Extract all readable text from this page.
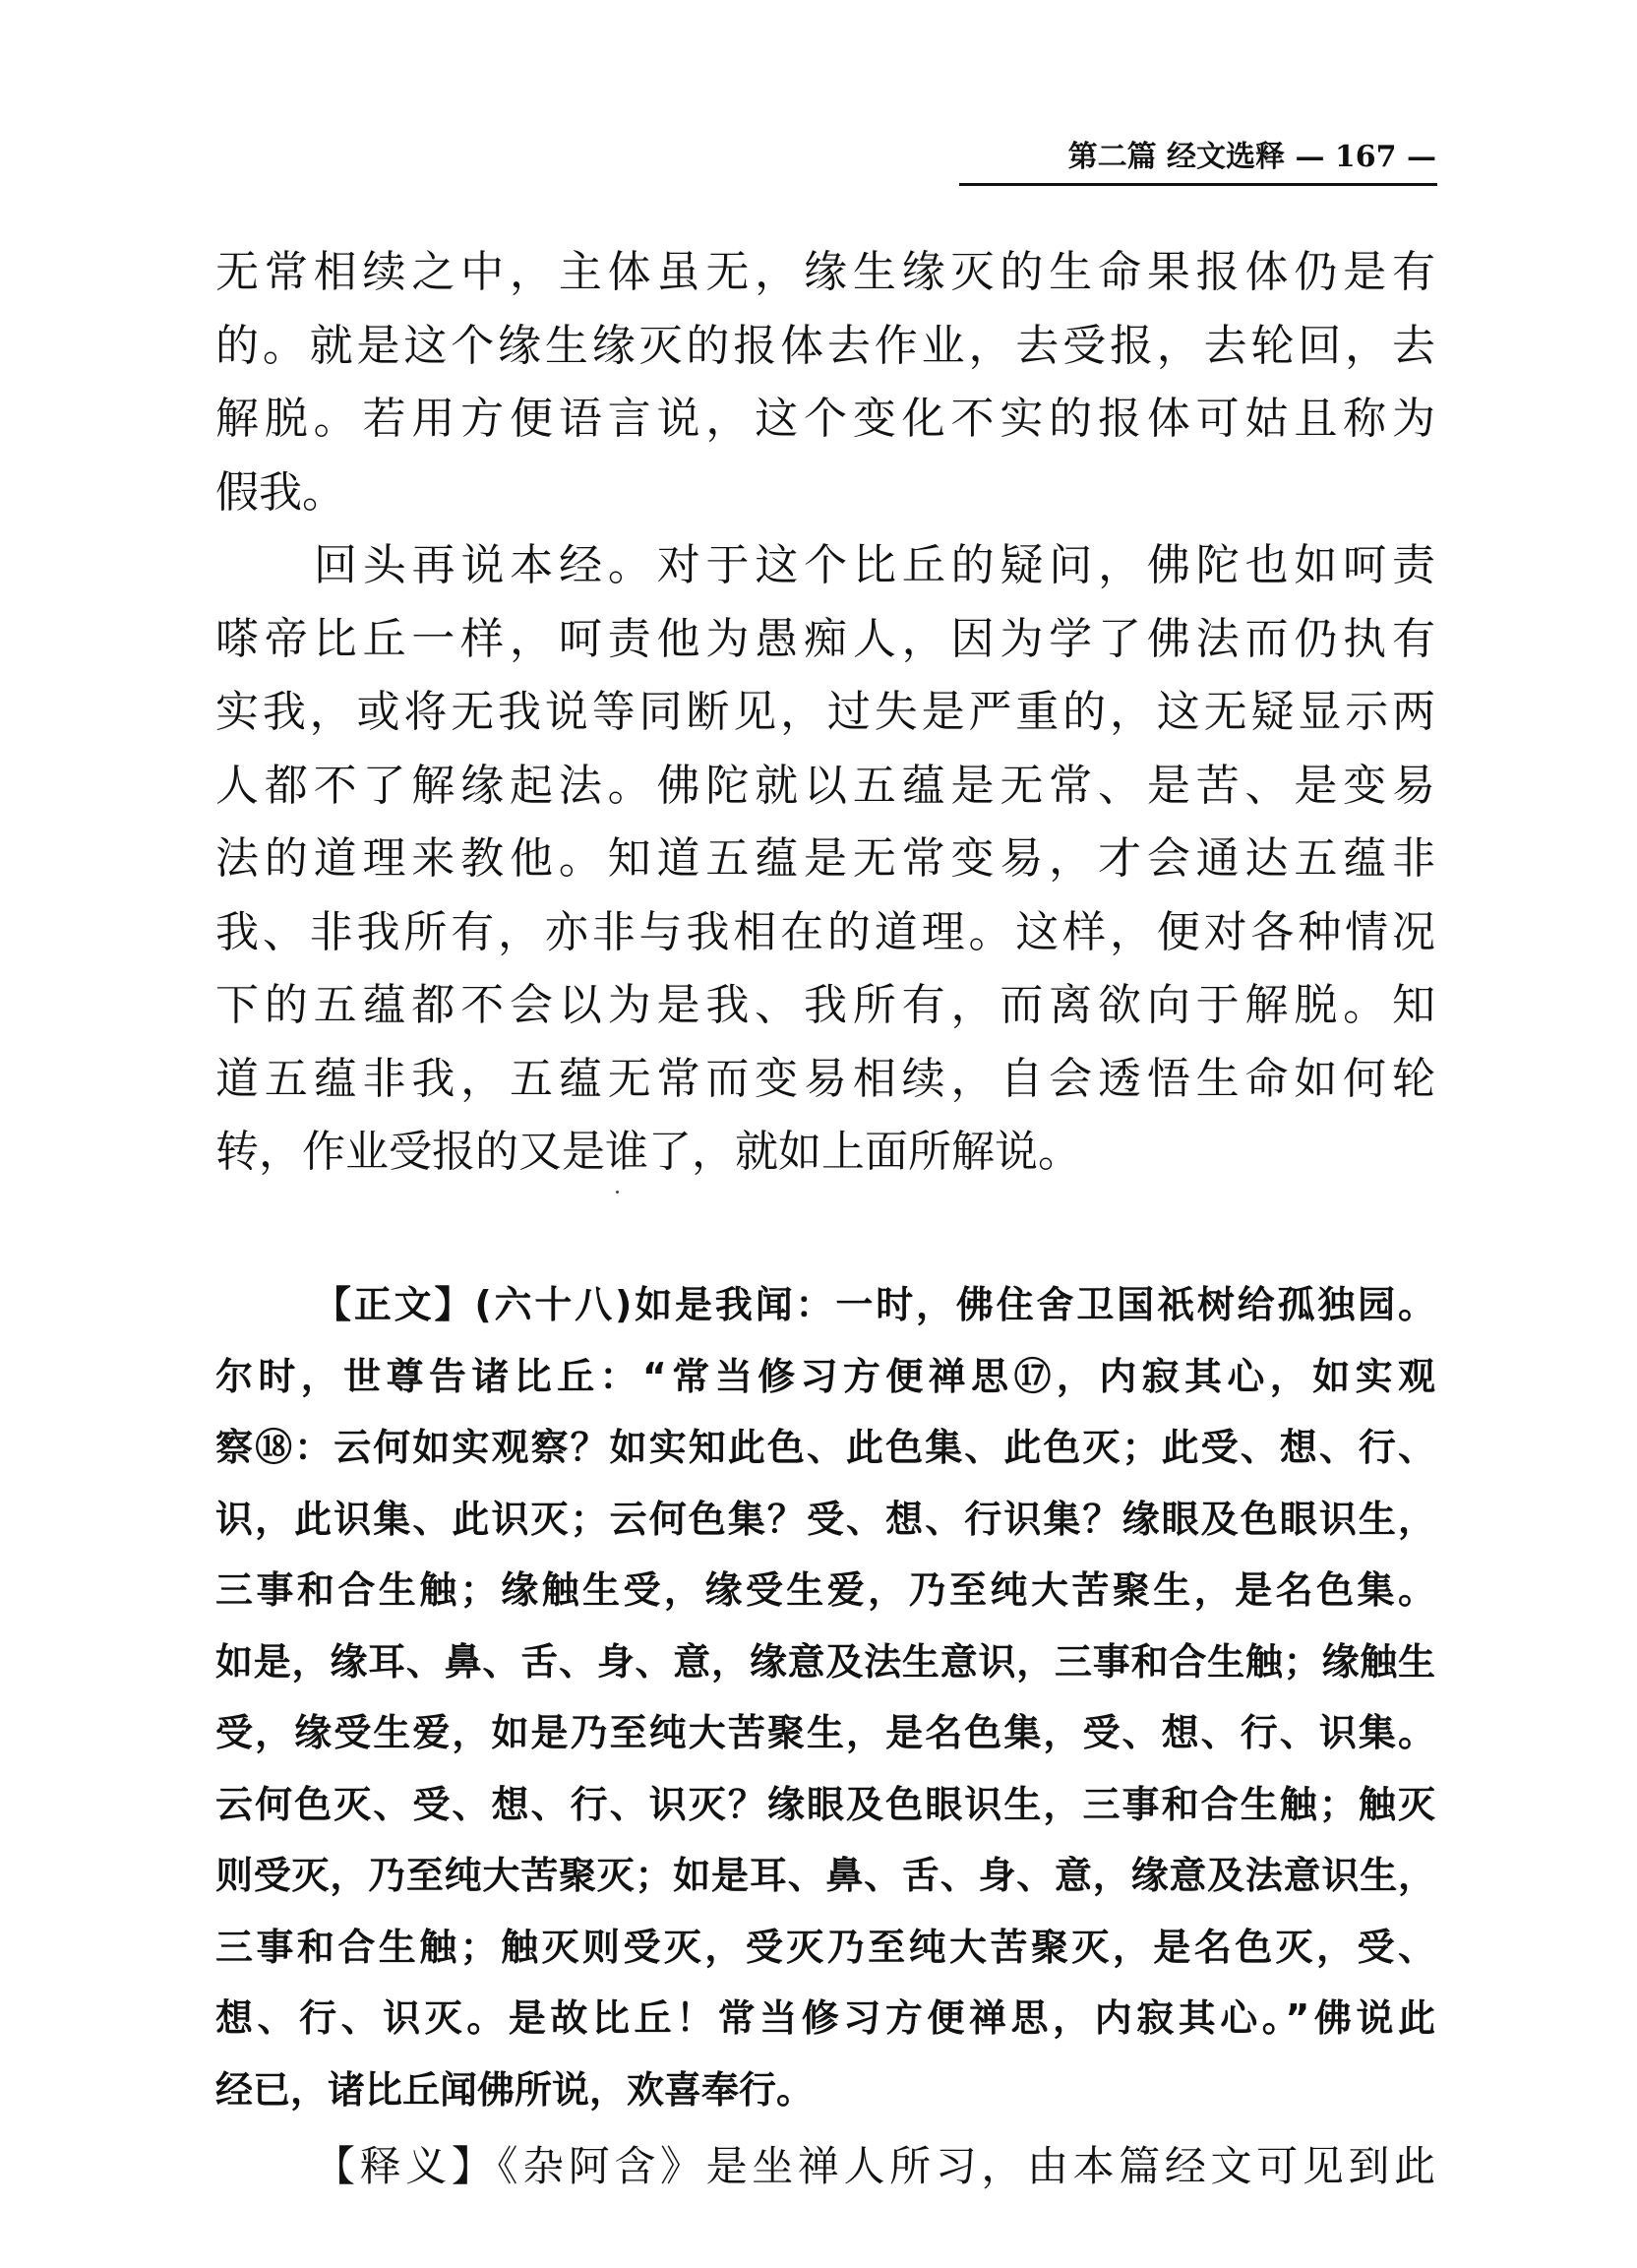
第二篇 经文选释 — 167 —
无常相续之中，主体虽无，缘生缘灭的生命果报体仍是有
的。就是这个缘生缘灭的报体去作业，去受报，去轮回，去
解脱。若用方便语言说，这个变化不实的报体可姑且称为
假我。
回头再说本经。对于这个比丘的疑问，佛陀也如呵责
嗏帝比丘一样，呵责他为愚痴人，因为学了佛法而仍执有
实我，或将无我说等同断见，过失是严重的，这无疑显示两
人都不了解缘起法。佛陀就以五蕴是无常、是苦、是变易
法的道理来教他。知道五蕴是无常变易，才会通达五蕴非
我、非我所有，亦非与我相在的道理。这样，便对各种情况
下的五蕴都不会以为是我、我所有，而离欲向于解脱。知
道五蕴非我，五蕴无常而变易相续，自会透悟生命如何轮
转，作业受报的又是谁了，就如上面所解说。
【正文】(六十八)如是我闻：一时，佛住舍卫国祇树给孤独园。
尔时，世尊告诸比丘：“常当修习方便禅思⑰，内寂其心，如实观
察⑱：云何如实观察？如实知此色、此色集、此色灭；此受、想、行、
识，此识集、此识灭；云何色集？受、想、行识集？缘眼及色眼识生，
三事和合生触；缘触生受，缘受生爱，乃至纯大苦聚生，是名色集。
如是，缘耳、鼻、舌、身、意，缘意及法生意识，三事和合生触；缘触生
受，缘受生爱，如是乃至纯大苦聚生，是名色集，受、想、行、识集。
云何色灭、受、想、行、识灭？缘眼及色眼识生，三事和合生触；触灭
则受灭，乃至纯大苦聚灭；如是耳、鼻、舌、身、意，缘意及法意识生，
三事和合生触；触灭则受灭，受灭乃至纯大苦聚灭，是名色灭，受、
想、行、识灭。是故比丘！常当修习方便禅思，内寂其心。”佛说此
经已，诸比丘闻佛所说，欢喜奉行。
【释义】《杂阿含》是坐禅人所习，由本篇经文可见到此
